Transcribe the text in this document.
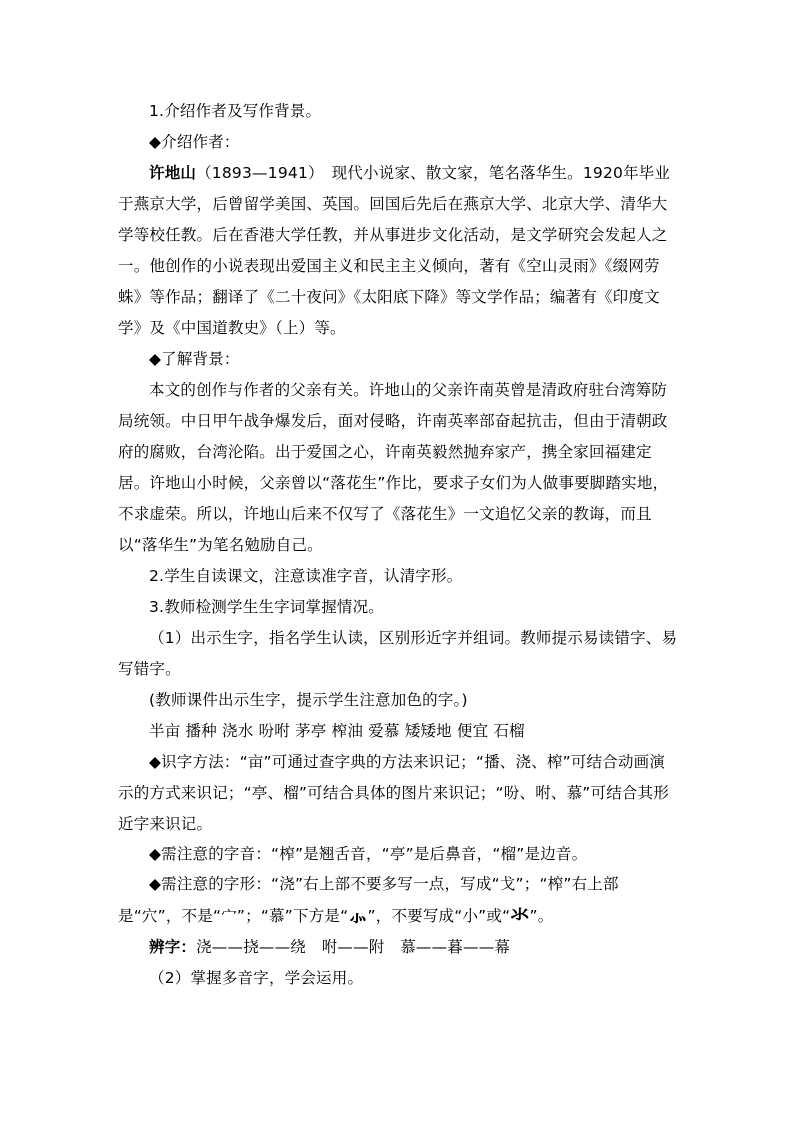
1.介绍作者及写作背景。

◆介绍作者：

许地山（1893—1941）　现代小说家、散文家，笔名落华生。1920年毕业于燕京大学，后曾留学美国、英国。回国后先后在燕京大学、北京大学、清华大学等校任教。后在香港大学任教，并从事进步文化活动，是文学研究会发起人之一。他创作的小说表现出爱国主义和民主主义倾向，著有《空山灵雨》《缀网劳蛛》等作品；翻译了《二十夜问》《太阳底下降》等文学作品；编著有《印度文学》及《中国道教史》（上）等。

◆了解背景：

本文的创作与作者的父亲有关。许地山的父亲许南英曾是清政府驻台湾筹防局统领。中日甲午战争爆发后，面对侵略，许南英率部奋起抗击，但由于清朝政府的腐败，台湾沦陷。出于爱国之心，许南英毅然抛弃家产，携全家回福建定居。许地山小时候，父亲曾以“落花生”作比，要求子女们为人做事要脚踏实地，不求虚荣。所以，许地山后来不仅写了《落花生》一文追忆父亲的教诲，而且以“落华生”为笔名勉励自己。

2.学生自读课文，注意读准字音，认清字形。

3.教师检测学生生字词掌握情况。

（1）出示生字，指名学生认读，区别形近字并组词。教师提示易读错字、易写错字。

(教师课件出示生字，提示学生注意加色的字。)

半亩 播种 浇水 吩咐 茅亭 榨油 爱慕 矮矮地 便宜 石榴

◆识字方法：“亩”可通过查字典的方法来识记；“播、浇、榨”可结合动画演示的方式来识记；“亭、榴”可结合具体的图片来识记；“吩、咐、慕”可结合其形近字来识记。

◆需注意的字音：“榨”是翘舌音，“亭”是后鼻音，“榴”是边音。

◆需注意的字形：“浇”右上部不要多写一点，写成“戈”；“榨”右上部是“穴”，不是“宀”；“慕”下方是“⺗”，不要写成“小”或“氺”。

辨字：浇——挠——绕　咐——附　慕——暮——幕

（2）掌握多音字，学会运用。
